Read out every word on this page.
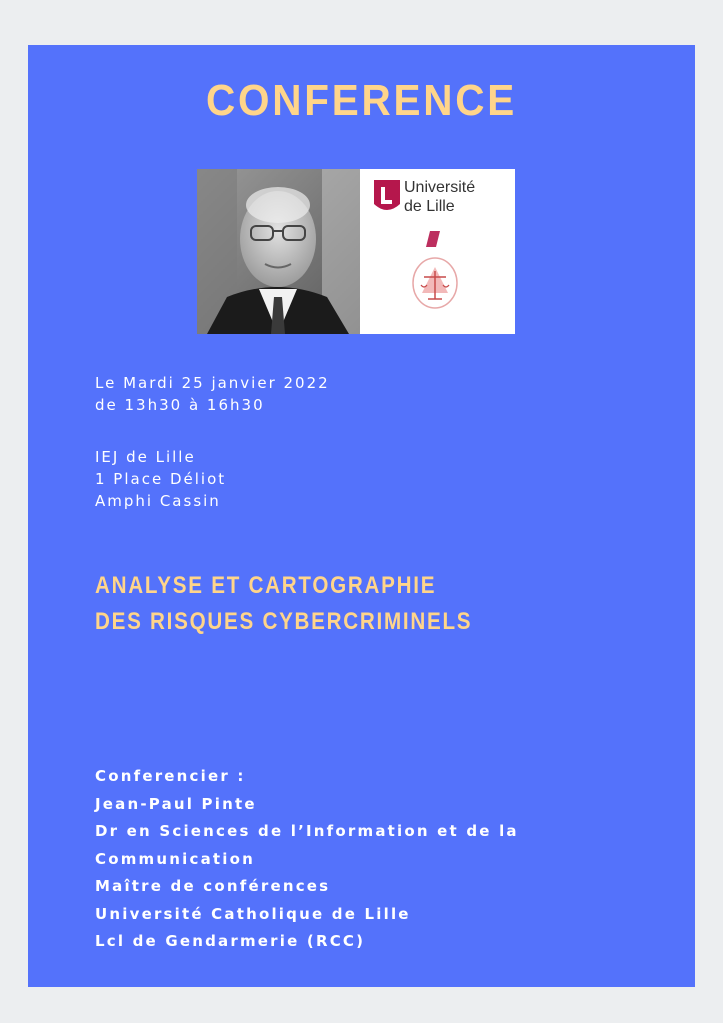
CONFERENCE
Université
de Lille
Le Mardi 25 janvier 2022
de 13h30 à 16h30
IEJ de Lille
1 Place Déliot
Amphi Cassin
ANALYSE ET CARTOGRAPHIE
DES RISQUES CYBERCRIMINELS
Conferencier :
Jean-Paul Pinte
Dr en Sciences de l’Information et de la
Communication
Maître de conférences
Université Catholique de Lille
Lcl de Gendarmerie (RCC)
